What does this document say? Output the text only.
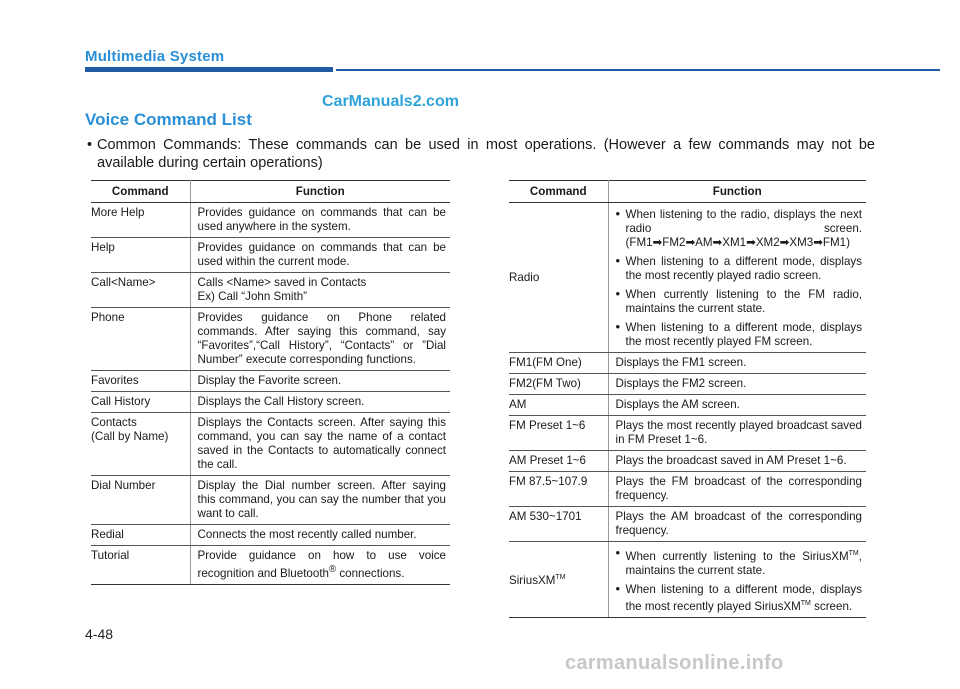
Multimedia System
CarManuals2.com
Voice Command List
• Common Commands: These commands can be used in most operations. (However a few commands may not be available during certain operations)
Command	Function
More Help	Provides guidance on commands that can be used anywhere in the system.
Help	Provides guidance on commands that can be used within the current mode.
Call<Name>	Calls <Name> saved in Contacts
Ex) Call “John Smith”

Phone	Provides guidance on Phone related commands. After saying this command, say “Favorites”,“Call History”, “Contacts” or ”Dial Number” execute corresponding functions.
Favorites	Display the Favorite screen.
Call History	Displays the Call History screen.

Contacts
(Call by Name)	Displays the Contacts screen. After saying this command, you can say the name of a contact saved in the Contacts to automatically connect the call.
Dial Number	Display the Dial number screen. After saying this command, you can say the number that you want to call.
Redial	Connects the most recently called number.
Tutorial	Provide guidance on how to use voice recognition and Bluetooth® connections.
Command	Function
Radio	• When listening to the radio, displays the next radio screen. (FM1➡FM2➡AM➡XM1➡XM2➡XM3➡FM1)
• When listening to a different mode, displays the most recently played radio screen.
• When currently listening to the FM radio, maintains the current state.
• When listening to a different mode, displays the most recently played FM screen.

FM1(FM One)	Displays the FM1 screen.
FM2(FM Two)	Displays the FM2 screen.
AM	Displays the AM screen.
FM Preset 1~6	Plays the most recently played broadcast saved in FM Preset 1~6.
AM Preset 1~6	Plays the broadcast saved in AM Preset 1~6.
FM 87.5~107.9	Plays the FM broadcast of the corresponding frequency.
AM 530~1701	Plays the AM broadcast of the corresponding frequency.
SiriusXM™	• When currently listening to the SiriusXM™, maintains the current state.
• When listening to a different mode, displays the most recently played SiriusXM™ screen.
4-48
carmanualsonline.info
